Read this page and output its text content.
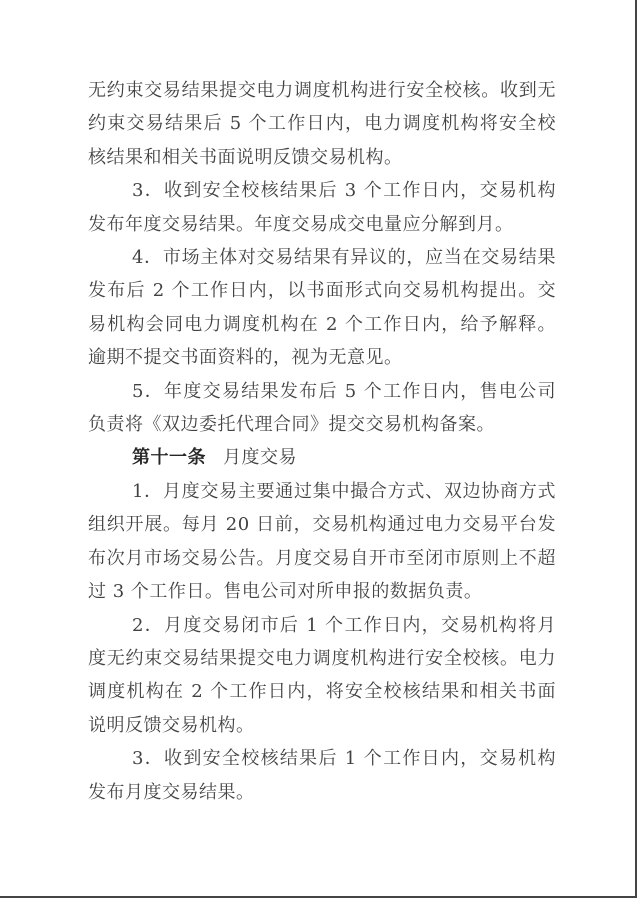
无约束交易结果提交电力调度机构进行安全校核。收到无约束交易结果后 5 个工作日内，电力调度机构将安全校核结果和相关书面说明反馈交易机构。

3．收到安全校核结果后 3 个工作日内，交易机构发布年度交易结果。年度交易成交电量应分解到月。

4．市场主体对交易结果有异议的，应当在交易结果发布后 2 个工作日内，以书面形式向交易机构提出。交易机构会同电力调度机构在 2 个工作日内，给予解释。逾期不提交书面资料的，视为无意见。

5．年度交易结果发布后 5 个工作日内，售电公司负责将《双边委托代理合同》提交交易机构备案。

第十一条 月度交易

1．月度交易主要通过集中撮合方式、双边协商方式组织开展。每月 20 日前，交易机构通过电力交易平台发布次月市场交易公告。月度交易自开市至闭市原则上不超过 3 个工作日。售电公司对所申报的数据负责。

2．月度交易闭市后 1 个工作日内，交易机构将月度无约束交易结果提交电力调度机构进行安全校核。电力调度机构在 2 个工作日内，将安全校核结果和相关书面说明反馈交易机构。

3．收到安全校核结果后 1 个工作日内，交易机构发布月度交易结果。
